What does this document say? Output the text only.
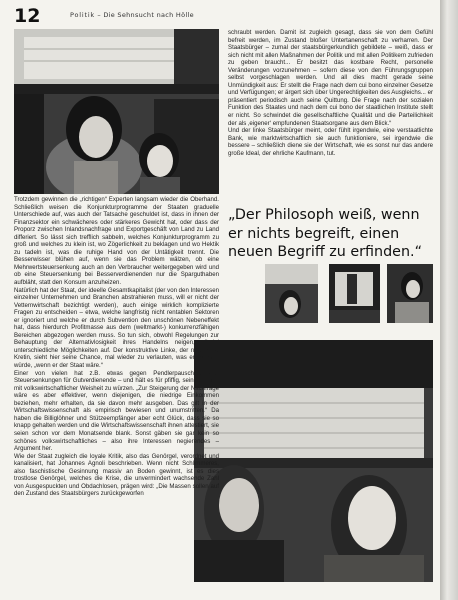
12	Politik – Die Sehnsucht nach Hölle
„Der Philosoph weiß, wenn er nichts begreift, einen neuen Begriff zu erfinden.“
Trotzdem gewinnen die „richtigen“ Experten langsam wieder die Oberhand. Schließlich weisen die Konjunkturprogramme der Staaten graduelle Unterschiede auf, was auch der Tatsache geschuldet ist, dass in ihnen der Finanzsektor ein schwächeres oder stärkeres Gewicht hat, oder dass der Proporz zwischen Inlandsnachfrage und Exportgeschäft von Land zu Land differiert. So lässt sich trefflich sabbeln, welches Konjunkturprogramm zu groß und welches zu klein ist, wo Zögerlichkeit zu beklagen und wo Hektik zu tadeln ist, was die ruhige Hand von der Untätigkeit trennt. Die Besserwisser blühen auf, wenn sie das Problem wälzen, ob eine Mehrwertsteuersenkung auch an den Verbraucher weitergegeben wird und ob eine Steuersenkung bei Besserverdienenden nur die Sparguthaben aufbläht, statt den Konsum anzuheizen.
Natürlich hat der Staat, der ideelle Gesamtkapitalist (der von den Interessen einzelner Unternehmen und Branchen abstrahieren muss, will er nicht der Vetternwirtschaft bezichtigt werden), auch einige wirklich komplizierte Fragen zu entscheiden – etwa, welche langfristig nicht rentablen Sektoren er ignoriert und welche er durch Subvention den unschönen Nebeneffekt hat, dass hierdurch Profitmasse aus dem (weltmarkt-) konkurrenzfähigen Bereichen abgezogen werden muss. So tun sich, obwohl Regelungen zur Behauptung der Alternativlosigkeit ihres Handelns neigen, allerlei unterschiedliche Möglichkeiten auf. Der konstruktive Linke, der notorische Kretin, sieht hier seine Chance, mal wieder zu verlauten, was er machen würde, „wenn er der Staat wäre.“
Einer von vielen hat z.B. etwas gegen Pendlerpauschale und Steuersenkungen für Gutverdienende – und hält es für pfiffig, sein Anliegen mit volkswirtschaftlicher Weisheit zu würzen. „Zur Steigerung der Nachfrage wäre es aber effektiver, wenn diejenigen, die niedrige Einkommen beziehen, mehr erhalten, da sie davon mehr ausgeben. Das gilt in der Wirtschaftswissenschaft als empirisch bewiesen und unumstritten.“ Da haben die Billiglöhner und Stützeempfänger aber echt Glück, dass sie so knapp gehalten werden und die Wirtschaftswissenschaft ihnen attestiert, sie seien schon vor dem Monatsende blank. Sonst gäben sie gar kein so schönes volkswirtschaftliches – also ihre Interessen negierendes – Argument her.
Wie der Staat zugleich die loyale Kritik, also das Genörgel, verordnet und kanalisiert, hat Johannes Agnoli beschrieben. Wenn nicht Schlimmeres, also faschistische Gesinnung massiv an Boden gewinnt, ist es dies trostlose Genörgel, welches die Krise, die unvermindert wachsende Zahl von Ausgespuckten und Obdachlosen, prägen wird: „Die Massen sollen auf den Zustand des Staatsbürgers zurückgeworfen
schraubt werden. Damit ist zugleich gesagt, dass sie von dem Gefühl befreit werden, im Zustand bloßer Untertanenschaft zu verharren. Der Staatsbürger – zumal der staatsbürgerkundlich gebildete – weiß, dass er sich nicht mit allen Maßnahmen der Politik und mit allen Politikern zufrieden zu geben braucht... Er besitzt das kostbare Recht, personelle Veränderungen vorzunehmen – sofern diese von den Führungsgruppen selbst vorgeschlagen werden. Und all dies macht gerade seine Unmündigkeit aus: Er stellt die Frage nach dem cui bono einzelner Gesetze und Verfügungen; er ärgert sich über Ungerechtigkeiten des Ausgleichs... er präsentiert periodisch auch seine Quittung. Die Frage nach der sozialen Funktion des Staates und nach dem cui bono der staatlichen Institute stellt er nicht. So schwindet die gesellschaftliche Qualität und die Parteilichkeit der als ‚eigener‘ empfundenen Staatsorgane aus dem Blick.“
Und der linke Staatsbürger meint, oder fühlt irgendwie, eine verstaatlichte Bank, wie marktwirtschaftlich sie auch funktioniere, sei irgendwie die bessere – schließlich diene sie der Wirtschaft, wie es sonst nur das andere große Ideal, der ehrliche Kaufmann, tut.
